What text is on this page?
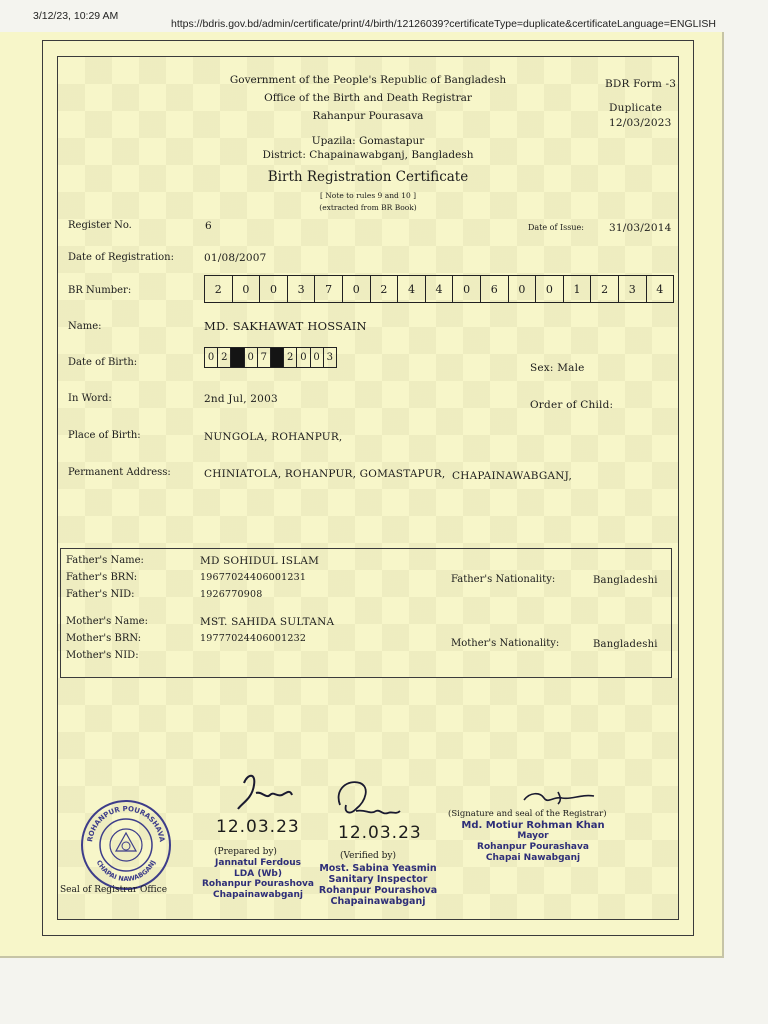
3/12/23, 10:29 AM
https://bdris.gov.bd/admin/certificate/print/4/birth/12126039?certificateType=duplicate&certificateLanguage=ENGLISH
Government of the People's Republic of Bangladesh
Office of the Birth and Death Registrar
Rahanpur Pourasava
Upazila: Gomastapur
District: Chapainawabganj, Bangladesh
BDR Form -3
Duplicate
12/03/2023
Birth Registration Certificate
[ Note to rules 9 and 10 ]
(extracted from BR Book)
Register No.	6	Date of Issue: 31/03/2014
Date of Registration:	01/08/2007
BR Number:	2	0	0	3	7	0	2	4	4	0	6	0	0	1	2	3	4
Name:	MD. SAKHAWAT HOSSAIN
Date of Birth:	0 2	0 7	2 0 0 3
Sex: Male
In Word:	2nd Jul, 2003	Order of Child:
Place of Birth:	NUNGOLA, ROHANPUR,
Permanent Address:	CHINIATOLA, ROHANPUR, GOMASTAPUR, CHAPAINAWABGANJ,
Father's Name:	MD SOHIDUL ISLAM
Father's BRN:	19677024406001231
Father's NID:	1926770908
Father's Nationality:	Bangladeshi
Mother's Name:	MST. SAHIDA SULTANA
Mother's BRN:	19777024406001232
Mother's NID:
Mother's Nationality:	Bangladeshi
ROHANPUR POURASHAVA
CHAPAI NAWABGANJ
Seal of Registrar Office
12.03.23
(Prepared by)
Jannatul Ferdous
LDA (Wb)
Rohanpur Pourashova
Chapainawabganj
12.03.23
(Verified by)
Most. Sabina Yeasmin
Sanitary Inspector
Rohanpur Pourashova
Chapainawabganj
(Signature and seal of the Registrar)
Md. Motiur Rohman Khan
Mayor
Rohanpur Pourashava
Chapai Nawabganj
